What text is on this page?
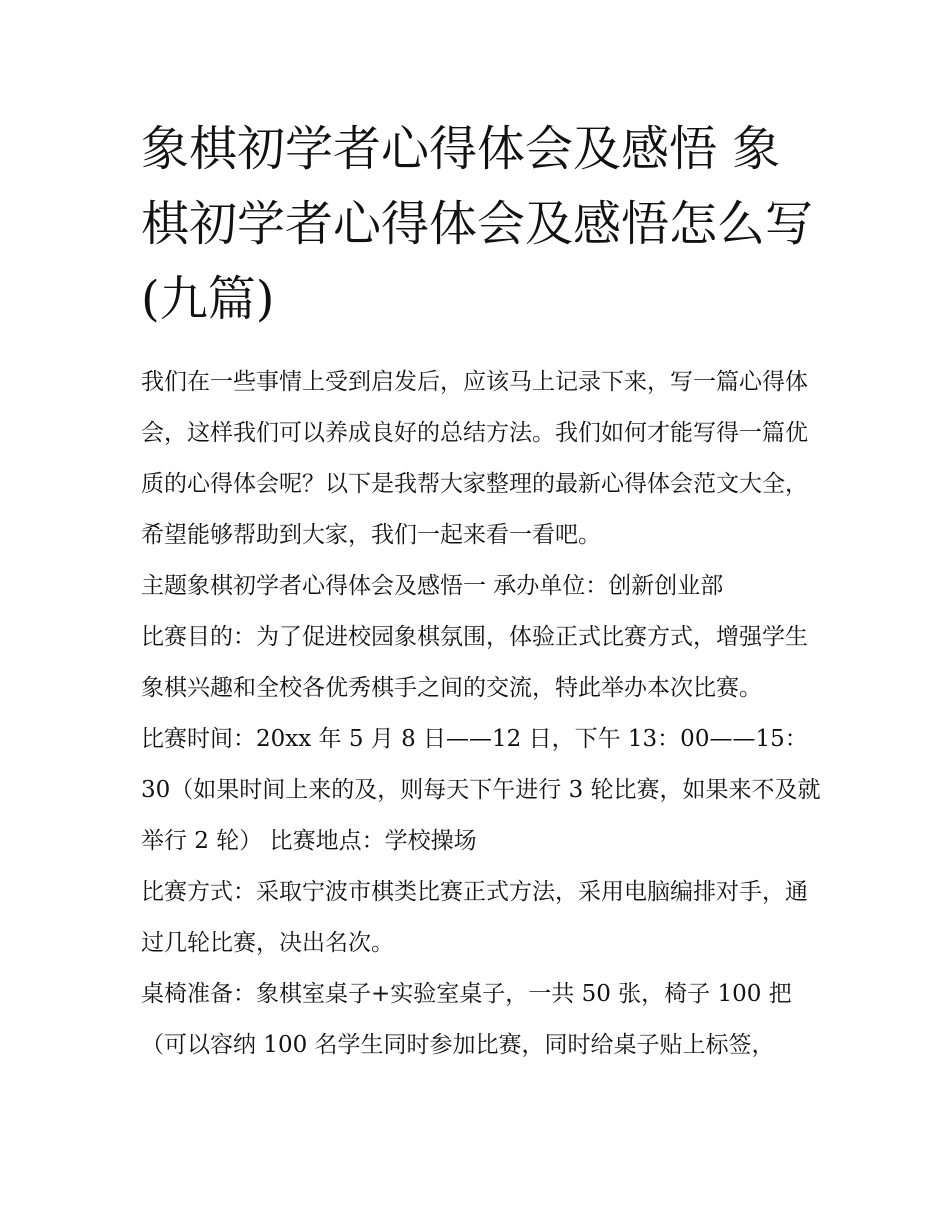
象棋初学者心得体会及感悟 象棋初学者心得体会及感悟怎么写(九篇)

我们在一些事情上受到启发后，应该马上记录下来，写一篇心得体会，这样我们可以养成良好的总结方法。我们如何才能写得一篇优质的心得体会呢？以下是我帮大家整理的最新心得体会范文大全，希望能够帮助到大家，我们一起来看一看吧。

主题象棋初学者心得体会及感悟一 承办单位：创新创业部

比赛目的：为了促进校园象棋氛围，体验正式比赛方式，增强学生象棋兴趣和全校各优秀棋手之间的交流，特此举办本次比赛。

比赛时间：20xx 年 5 月 8 日——12 日，下午 13：00——15：30（如果时间上来的及，则每天下午进行 3 轮比赛，如果来不及就举行 2 轮） 比赛地点：学校操场

比赛方式：采取宁波市棋类比赛正式方法，采用电脑编排对手，通过几轮比赛，决出名次。

桌椅准备：象棋室桌子+实验室桌子，一共 50 张，椅子 100 把（可以容纳 100 名学生同时参加比赛，同时给桌子贴上标签，
